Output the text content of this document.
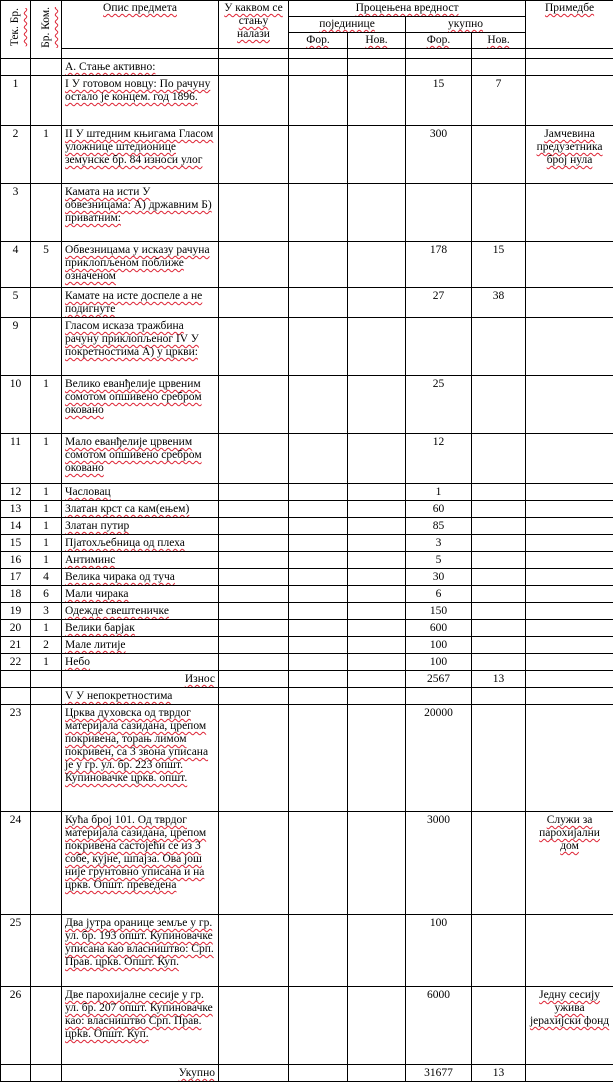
Тек. Бр.	Бр. Ком.	Опис предмета	У каквом се стању налази	Процењена вредност				Примедбе
				појединице		укупно		
				Фор.	Нов.	Фор.	Нов.	

		А. Стање активно:						
1		I У готовом новцу: По рачуну остало је концем. год 1896.				15	7	
2	1	II У штедним књигама Гласом уложнице штедионице земунске бр. 84 износи улог				300		Јамчевина предузетника број нула
3		Камата на исти У обвезницама: А) државним Б) приватним:						
4	5	Обвезницама у исказу рачуна приклопљеном поближе означеном				178	15	
5		Камате на исте доспеле а не подигнуте				27	38	
9		Гласом исказа тражбина рачуну приклопљеног IV У покретностима А) у цркви:						
10	1	Велико еванђелије црвеним сомотом опшивено сребром оковано				25		
11	1	Мало еванђелије црвеним сомотом опшивено сребром оковано				12		
12	1	Часловац				1		
13	1	Златан крст са кам(ењем)				60		
14	1	Златан путир				85		
15	1	Пјатохљебница од плеха				3		
16	1	Антиминс				5		
17	4	Велика чирака од туча				30		
18	6	Мали чирака				6		
19	3	Одежде свештеничке				150		
20	1	Велики барјак				600		
21	2	Мале литије				100		
22	1	Небо				100		
		Износ				2567	13	
		V У непокретностима						
23		Црква духовска од тврдог материјала сазидана, црепом покривена, торањ лимом покривен, са 3 звона уписана је у гр. ул. бр. 223 општ. Купиновачке цркв. општ.				20000		
24		Кућа број 101. Од тврдог материјала сазидана, црепом покривена састојећи се из 3 собе, куjне, шпајза. Ова још није грунтовно уписана и на цркв. Општ. преведена				3000		Служи за парохијални дом
25		Два јутра оранице земље у гр. ул. бр. 193 општ. Купиновачке уписана као власништво: Срп. Прав. црkв. Општ. Куп.				100		
26		Две парохијалне сесије у гр. ул. бр. 207 општ. Купиновачке као: власништво Срп. Прав. црkв. Општ. Куп.				6000		Једну сесију ужива јерахијски фонд
		Укупно				31677	13	
